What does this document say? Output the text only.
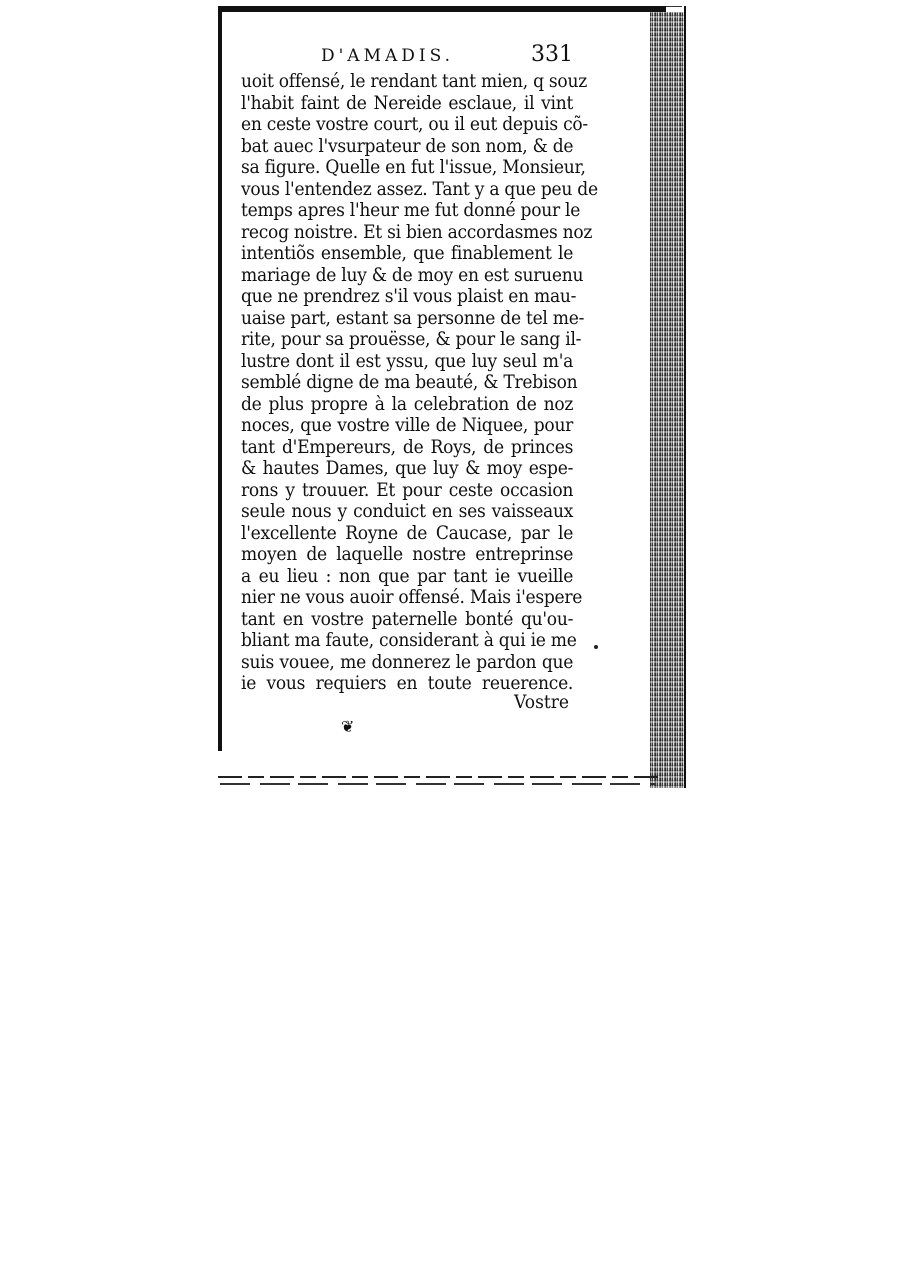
D'AMADIS.	331
uoit offensé, le rendant tant mien, q souz
l'habit faint de Nereide esclaue, il vint
en ceste vostre court, ou il eut depuis cõ-
bat auec l'vsurpateur de son nom, & de
sa figure. Quelle en fut l'issue, Monsieur,
vous l'entendez assez. Tant y a que peu de
temps apres l'heur me fut donné pour le
recog noistre. Et si bien accordasmes noz
intentiõs ensemble, que finablement le
mariage de luy & de moy en est suruenu
que ne prendrez s'il vous plaist en mau-
uaise part, estant sa personne de tel me-
rite, pour sa prouësse, & pour le sang il-
lustre dont il est yssu, que luy seul m'a
semblé digne de ma beauté, & Trebison
de plus propre à la celebration de noz
noces, que vostre ville de Niquee, pour
tant d'Empereurs, de Roys, de princes
& hautes Dames, que luy & moy espe-
rons y trouuer. Et pour ceste occasion
seule nous y conduict en ses vaisseaux
l'excellente Royne de Caucase, par le
moyen de laquelle nostre entreprinse
a eu lieu : non que par tant ie vueille
nier ne vous auoir offensé. Mais i'espere
tant en vostre paternelle bonté qu'ou-
bliant ma faute, considerant à qui ie me
suis vouee, me donnerez le pardon que
ie vous requiers en toute reuerence.
Vostre
❦
